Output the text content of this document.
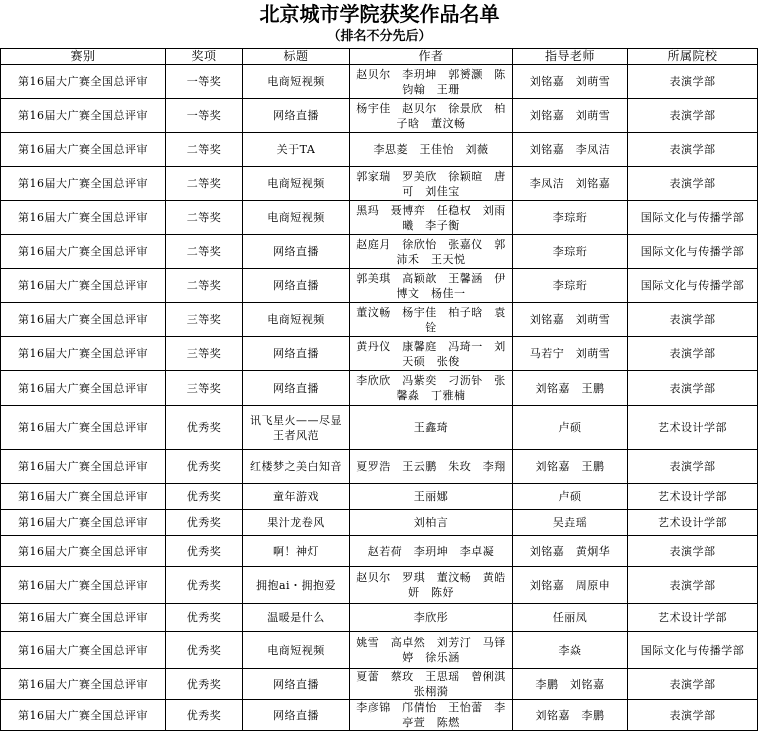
北京城市学院获奖作品名单
（排名不分先后）
赛别	奖项	标题	作者	指导老师	所属院校
第16届大广赛全国总评审	一等奖	电商短视频	赵贝尔　李玥坤　郭赟灏　陈钧翰　王珊	刘铭嘉　刘萌雪	表演学部
第16届大广赛全国总评审	一等奖	网络直播	杨宇佳　赵贝尔　徐景欣　柏子晗　董汶畅	刘铭嘉　刘萌雪	表演学部
第16届大广赛全国总评审	二等奖	关于TA	李思菱　王佳怡　刘薇	刘铭嘉　李凤洁	表演学部
第16届大广赛全国总评审	二等奖	电商短视频	郭家瑞　罗美欣　徐颖暄　唐可　刘佳宝	李凤洁　刘铭嘉	表演学部
第16届大广赛全国总评审	二等奖	电商短视频	黑玛　聂博弈　任稳权　刘雨曦　李子衡	李琮珩	国际文化与传播学部
第16届大广赛全国总评审	二等奖	网络直播	赵庭月　徐欣怡　张嘉仪　郭沛禾　王天悦	李琮珩	国际文化与传播学部
第16届大广赛全国总评审	二等奖	网络直播	郭美琪　高颖歆　王馨涵　伊博文　杨佳一	李琮珩	国际文化与传播学部
第16届大广赛全国总评审	三等奖	电商短视频	董汶畅　杨宇佳　柏子晗　袁铨	刘铭嘉　刘萌雪	表演学部
第16届大广赛全国总评审	三等奖	网络直播	黄丹仪　康馨庭　冯琦一　刘天硕　张俊	马若宁　刘萌雪	表演学部
第16届大广赛全国总评审	三等奖	网络直播	李欣欣　冯紫奕　刁沥钋　张馨淼　丁雅楠	刘铭嘉　王鹏	表演学部
第16届大广赛全国总评审	优秀奖	讯飞星火——尽显王者风范	王鑫琦	卢硕	艺术设计学部
第16届大广赛全国总评审	优秀奖	红楼梦之美白知音	夏罗浩　王云鹏　朱玫　李翔	刘铭嘉　王鹏	表演学部
第16届大广赛全国总评审	优秀奖	童年游戏	王丽娜	卢硕	艺术设计学部
第16届大广赛全国总评审	优秀奖	果汁龙卷风	刘柏言	吴垚瑶	艺术设计学部
第16届大广赛全国总评审	优秀奖	啊！神灯	赵若荷　李玥坤　李卓凝	刘铭嘉　黄炯华	表演学部
第16届大广赛全国总评审	优秀奖	拥抱ai・拥抱爱	赵贝尔　罗琪　董汶畅　黄皓妍　陈妤	刘铭嘉　周原申	表演学部
第16届大广赛全国总评审	优秀奖	温暖是什么	李欣彤	任丽凤	艺术设计学部
第16届大广赛全国总评审	优秀奖	电商短视频	姚雪　高卓然　刘芳汀　马铎婷　徐乐涵	李焱	国际文化与传播学部
第16届大广赛全国总评审	优秀奖	网络直播	夏蕾　蔡玫　王思瑶　曾俐淇　张栩漪	李鹏　刘铭嘉	表演学部
第16届大广赛全国总评审	优秀奖	网络直播	李彦锦　邝倩怡　王怡蕾　李亭萱　陈燃	刘铭嘉　李鹏	表演学部
